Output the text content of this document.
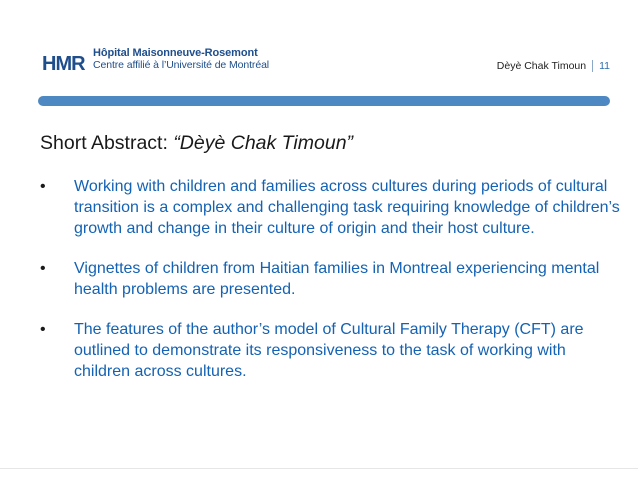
HMR Hôpital Maisonneuve-Rosemont
Centre affilié à l’Université de Montréal	Dèyè Chak Timoun 11
Short Abstract: “Dèyè Chak Timoun”
•	Working with children and families across cultures during periods of cultural transition is a complex and challenging task requiring knowledge of children’s growth and change in their culture of origin and their host culture.
•	Vignettes of children from Haitian families in Montreal experiencing mental health problems are presented.
•	The features of the author’s model of Cultural Family Therapy (CFT) are outlined to demonstrate its responsiveness to the task of working with children across cultures.
